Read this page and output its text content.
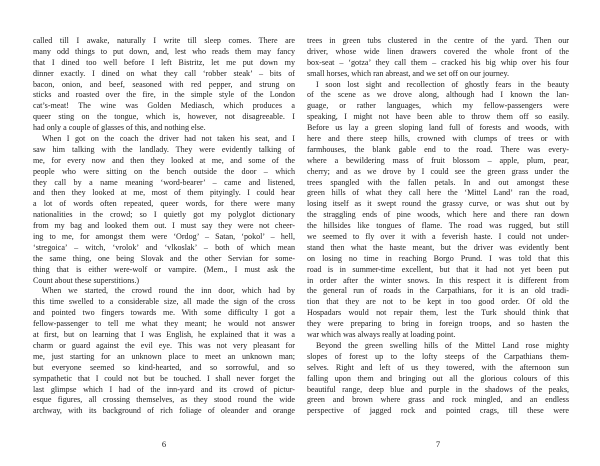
called till I awake, naturally I write till sleep comes. There are
many odd things to put down, and, lest who reads them may fancy
that I dined too well before I left Bistritz, let me put down my
dinner exactly. I dined on what they call ‘robber steak’ – bits of
bacon, onion, and beef, seasoned with red pepper, and strung on
sticks and roasted over the fire, in the simple style of the London
cat’s-meat! The wine was Golden Mediasch, which produces a
queer sting on the tongue, which is, however, not disagreeable. I
had only a couple of glasses of this, and nothing else.
When I got on the coach the driver had not taken his seat, and I
saw him talking with the landlady. They were evidently talking of
me, for every now and then they looked at me, and some of the
people who were sitting on the bench outside the door – which
they call by a name meaning ‘word-bearer’ – came and listened,
and then they looked at me, most of them pityingly. I could hear
a lot of words often repeated, queer words, for there were many
nationalities in the crowd; so I quietly got my polyglot dictionary
from my bag and looked them out. I must say they were not cheer-
ing to me, for amongst them were ‘Ordog’ – Satan, ‘pokol’ – hell,
‘stregoica’ – witch, ‘vrolok’ and ‘vlkoslak’ – both of which mean
the same thing, one being Slovak and the other Servian for some-
thing that is either were-wolf or vampire. (Mem., I must ask the
Count about these superstitions.)
When we started, the crowd round the inn door, which had by
this time swelled to a considerable size, all made the sign of the cross
and pointed two fingers towards me. With some difficulty I got a
fellow-passenger to tell me what they meant; he would not answer
at first, but on learning that I was English, he explained that it was a
charm or guard against the evil eye. This was not very pleasant for
me, just starting for an unknown place to meet an unknown man;
but everyone seemed so kind-hearted, and so sorrowful, and so
sympathetic that I could not but be touched. I shall never forget the
last glimpse which I had of the inn-yard and its crowd of pictur-
esque figures, all crossing themselves, as they stood round the wide
archway, with its background of rich foliage of oleander and orange
6
trees in green tubs clustered in the centre of the yard. Then our
driver, whose wide linen drawers covered the whole front of the
box-seat – ‘gotza’ they call them – cracked his big whip over his four
small horses, which ran abreast, and we set off on our journey.
I soon lost sight and recollection of ghostly fears in the beauty
of the scene as we drove along, although had I known the lan-
guage, or rather languages, which my fellow-passengers were
speaking, I might not have been able to throw them off so easily.
Before us lay a green sloping land full of forests and woods, with
here and there steep hills, crowned with clumps of trees or with
farmhouses, the blank gable end to the road. There was every-
where a bewildering mass of fruit blossom – apple, plum, pear,
cherry; and as we drove by I could see the green grass under the
trees spangled with the fallen petals. In and out amongst these
green hills of what they call here the ‘Mittel Land’ ran the road,
losing itself as it swept round the grassy curve, or was shut out by
the straggling ends of pine woods, which here and there ran down
the hillsides like tongues of flame. The road was rugged, but still
we seemed to fly over it with a feverish haste. I could not under-
stand then what the haste meant, but the driver was evidently bent
on losing no time in reaching Borgo Prund. I was told that this
road is in summer-time excellent, but that it had not yet been put
in order after the winter snows. In this respect it is different from
the general run of roads in the Carpathians, for it is an old tradi-
tion that they are not to be kept in too good order. Of old the
Hospadars would not repair them, lest the Turk should think that
they were preparing to bring in foreign troops, and so hasten the
war which was always really at loading point.
Beyond the green swelling hills of the Mittel Land rose mighty
slopes of forest up to the lofty steeps of the Carpathians them-
selves. Right and left of us they towered, with the afternoon sun
falling upon them and bringing out all the glorious colours of this
beautiful range, deep blue and purple in the shadows of the peaks,
green and brown where grass and rock mingled, and an endless
perspective of jagged rock and pointed crags, till these were
7
